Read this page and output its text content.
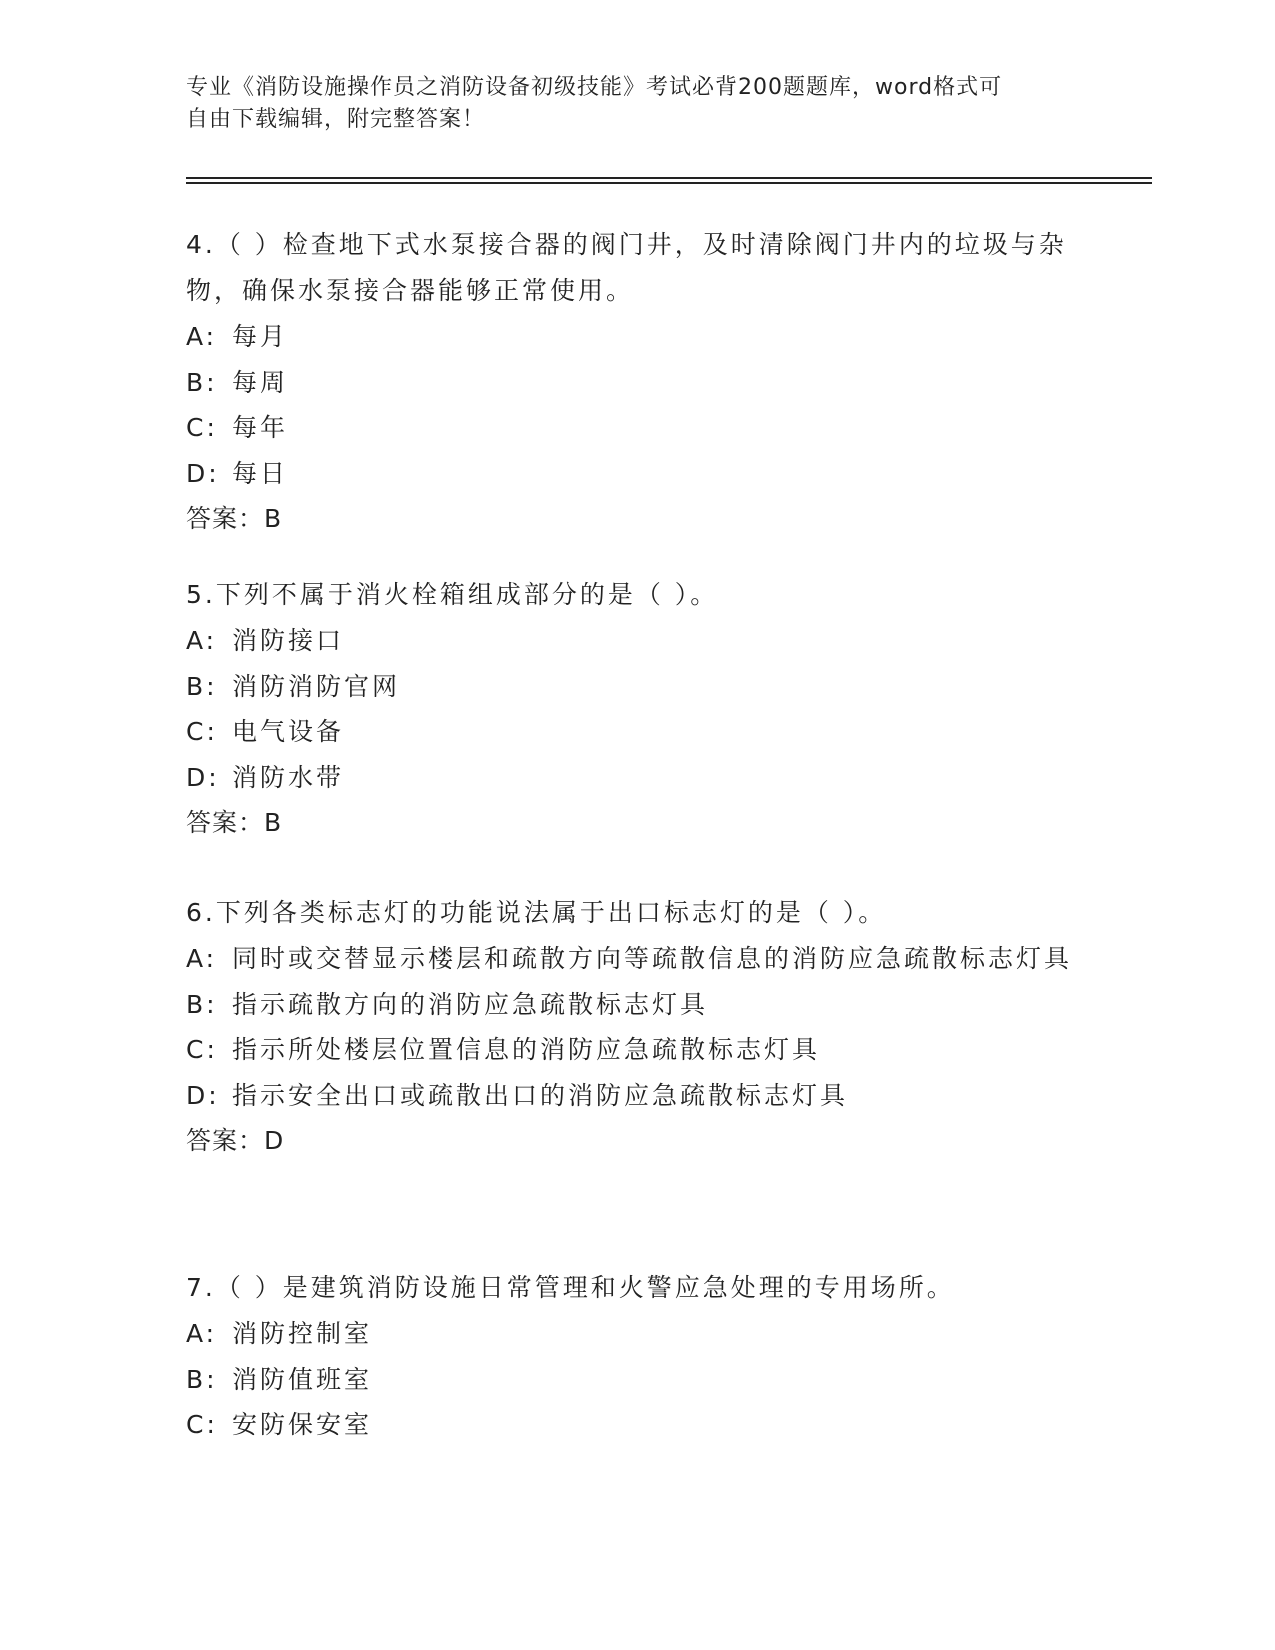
专业《消防设施操作员之消防设备初级技能》考试必背200题题库，word格式可
自由下载编辑，附完整答案！

4.（ ）检查地下式水泵接合器的阀门井，及时清除阀门井内的垃圾与杂物，确保水泵接合器能够正常使用。

A: 每月

B: 每周

C: 每年

D: 每日

答案：B

5.下列不属于消火栓箱组成部分的是（ ）。

A: 消防接口

B: 消防消防官网

C: 电气设备

D: 消防水带

答案：B

6.下列各类标志灯的功能说法属于出口标志灯的是（ ）。

A: 同时或交替显示楼层和疏散方向等疏散信息的消防应急疏散标志灯具

B: 指示疏散方向的消防应急疏散标志灯具

C: 指示所处楼层位置信息的消防应急疏散标志灯具

D: 指示安全出口或疏散出口的消防应急疏散标志灯具

答案：D

7.（ ）是建筑消防设施日常管理和火警应急处理的专用场所。

A: 消防控制室

B: 消防值班室

C: 安防保安室
